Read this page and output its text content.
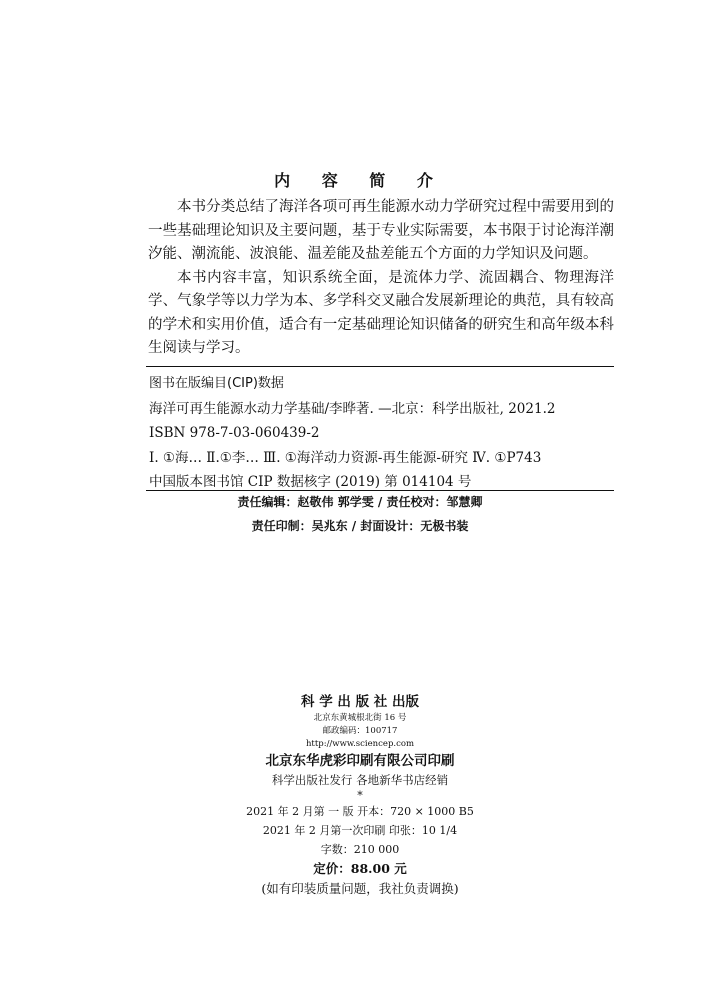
内 容 简 介

本书分类总结了海洋各项可再生能源水动力学研究过程中需要用到的一些基础理论知识及主要问题，基于专业实际需要，本书限于讨论海洋潮汐能、潮流能、波浪能、温差能及盐差能五个方面的力学知识及问题。

本书内容丰富，知识系统全面，是流体力学、流固耦合、物理海洋学、气象学等以力学为本、多学科交叉融合发展新理论的典范，具有较高的学术和实用价值，适合有一定基础理论知识储备的研究生和高年级本科生阅读与学习。

图书在版编目(CIP)数据
海洋可再生能源水动力学基础/李晔著. —北京：科学出版社, 2021.2
ISBN 978-7-03-060439-2
Ⅰ. ①海… Ⅱ.①李… Ⅲ. ①海洋动力资源-再生能源-研究 Ⅳ. ①P743
中国版本图书馆 CIP 数据核字 (2019) 第 014104 号
责任编辑：赵敬伟 郭学雯 / 责任校对：邹慧卿
责任印制：吴兆东 / 封面设计：无极书装
科 学 出 版 社 出版
北京东黄城根北街 16 号
邮政编码：100717
http://www.sciencep.com
北京东华虎彩印刷有限公司印刷
科学出版社发行 各地新华书店经销
*
2021 年 2 月第 一 版 开本：720 × 1000 B5
2021 年 2 月第一次印刷 印张：10 1/4
字数：210 000
定价：88.00 元
(如有印装质量问题，我社负责调换)
